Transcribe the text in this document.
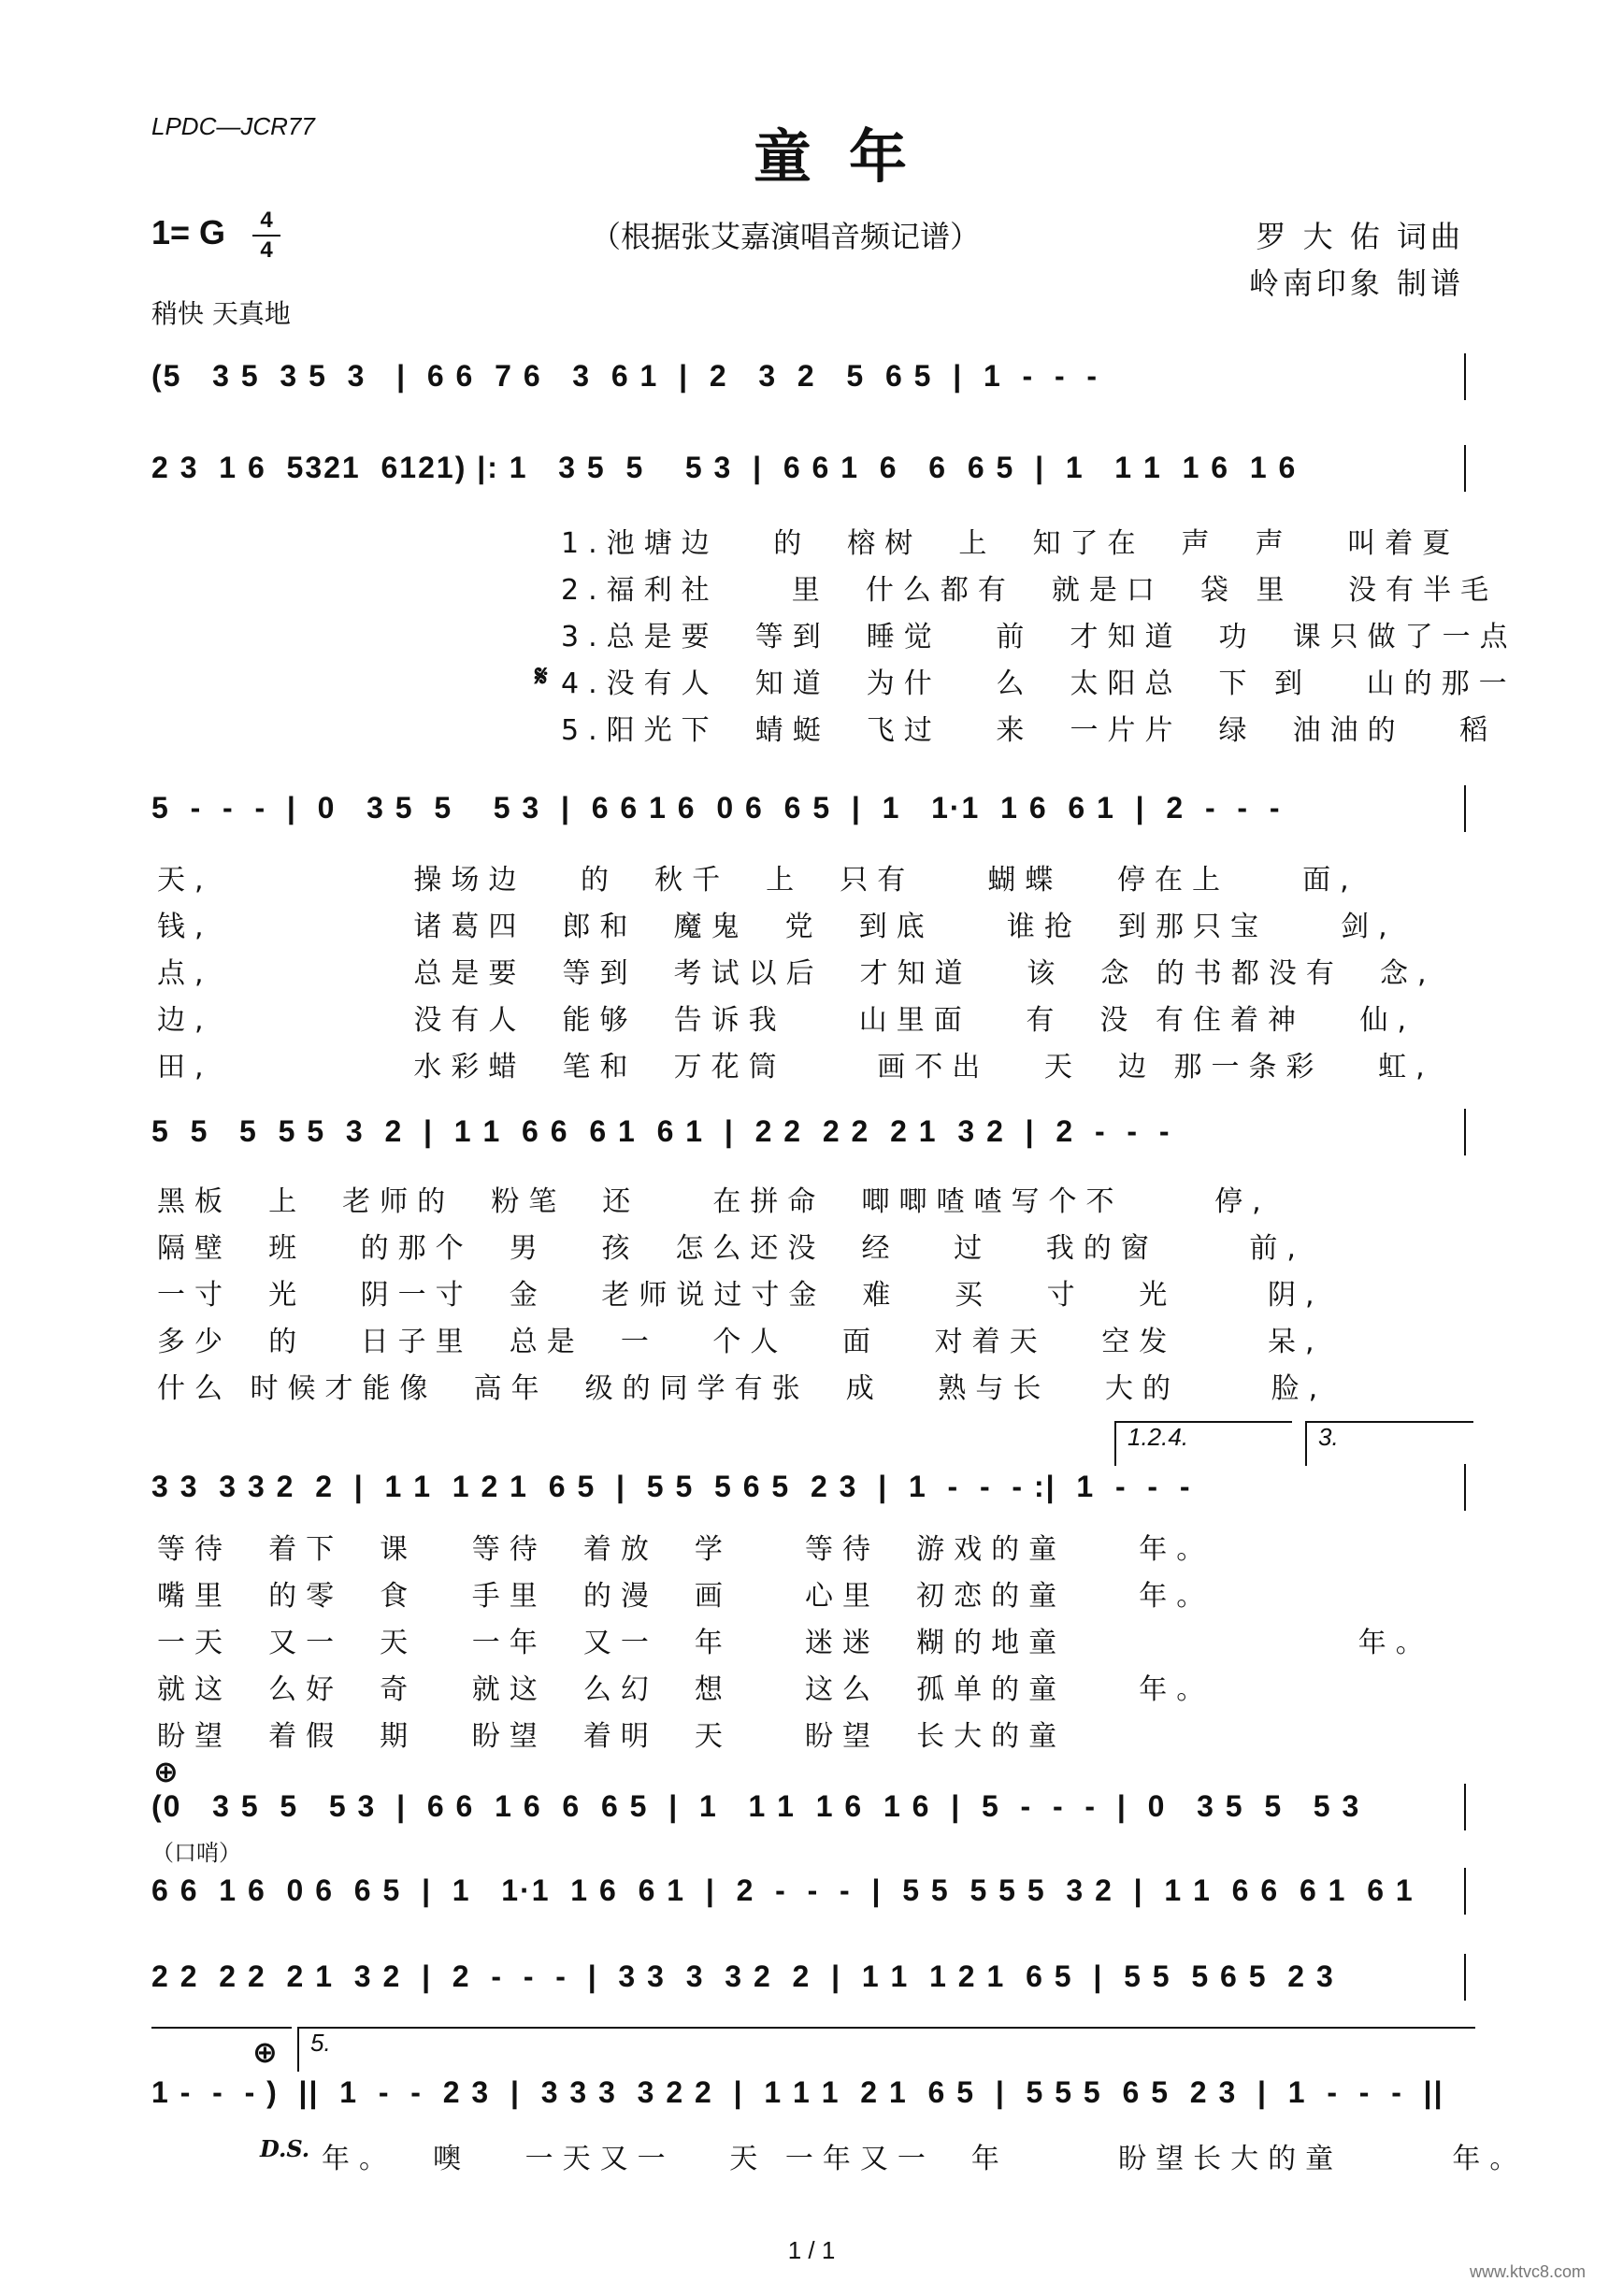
LPDC—JCR77	童年
1= G	4
4	（根据张艾嘉演唱音频记谱）	罗 大 佑 词曲
岭南印象 制谱
稍快 天真地
(5   3 5  3 5  3   |  6 6  7 6   3  6 1  |  2   3  2   5  6 5  |  1  -  -  -
2 3  1 6  5321  6121) |: 1   3 5  5    5 3  |  6 6 1  6   6  6 5  |  1   1 1  1 6  1 6
1.池塘边   的  榕树  上  知了在  声  声   叫着夏
2.福利社    里  什么都有  就是口  袋 里   没有半毛
3.总是要  等到  睡觉   前  才知道  功  课只做了一点
𝄋 4.没有人  知道  为什   么  太阳总  下 到   山的那一
5.阳光下  蜻蜓  飞过   来  一片片  绿  油油的   稻
5  -  -  -  |  0   3 5  5    5 3  |  6 6 1 6  0 6  6 5  |  1   1·1  1 6  6 1  |  2  -  -  -
天,           操场边   的  秋千  上  只有    蝴蝶   停在上    面,
钱,           诸葛四  郎和  魔鬼  党  到底    谁抢  到那只宝    剑,
点,           总是要  等到  考试以后  才知道   该  念 的书都没有  念,
边,           没有人  能够  告诉我    山里面   有  没 有住着神   仙,
田,           水彩蜡  笔和  万花筒     画不出   天  边 那一条彩   虹,
5  5   5  5 5  3  2  |  1 1  6 6  6 1  6 1  |  2 2  2 2  2 1  3 2  |  2  -  -  -
黑板  上  老师的  粉笔  还    在拼命  唧唧喳喳写个不     停,
隔壁  班   的那个  男   孩  怎么还没  经   过   我的窗     前,
一寸  光   阴一寸  金   老师说过寸金  难   买   寸   光     阴,
多少  的   日子里  总是  一   个人   面   对着天   空发     呆,
什么 时候才能像  高年  级的同学有张  成   熟与长   大的     脸,
1.2.4.	3.
3 3  3 3 2  2  |  1 1  1 2 1  6 5  |  5 5  5 6 5  2 3  |  1  -  -  - :|  1  -  -  -
等待  着下  课   等待  着放  学    等待  游戏的童    年。
嘴里  的零  食   手里  的漫  画    心里  初恋的童    年。
一天  又一  天   一年  又一  年    迷迷  糊的地童                年。
就这  么好  奇   就这  么幻  想    这么  孤单的童    年。
盼望  着假  期   盼望  着明  天    盼望  长大的童
⊕
(0   3 5  5   5 3  |  6 6  1 6  6  6 5  |  1   1 1  1 6  1 6  |  5  -  -  -  |  0   3 5  5   5 3
（口哨）
6 6  1 6  0 6  6 5  |  1   1·1  1 6  6 1  |  2  -  -  -  |  5 5  5 5 5  3 2  |  1 1  6 6  6 1  6 1
2 2  2 2  2 1  3 2  |  2  -  -  -  |  3 3  3  3 2  2  |  1 1  1 2 1  6 5  |  5 5  5 6 5  2 3
5.
⊕
1 -  -  - )  ||  1  -  -  2 3  |  3 3 3  3 2 2  |  1 1 1  2 1  6 5  |  5 5 5  6 5  2 3  |  1  -  -  -  ||
D.S. 年。  噢   一天又一   天 一年又一  年      盼望长大的童      年。
1 / 1
www.ktvc8.com
